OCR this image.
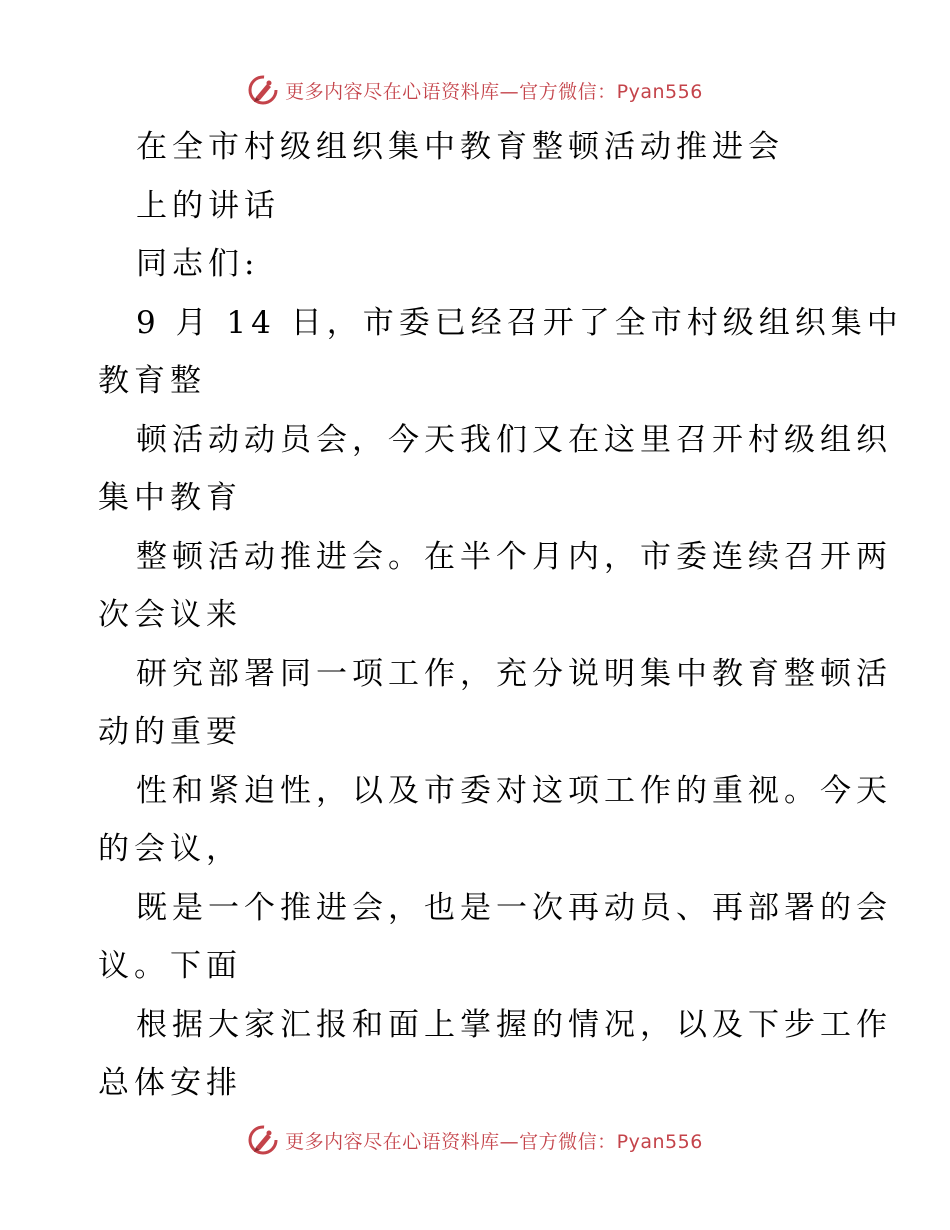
更多内容尽在心语资料库—官方微信：Pyan556
在全市村级组织集中教育整顿活动推进会
上的讲话
同志们:
9 月 14 日，市委已经召开了全市村级组织集中
教育整
顿活动动员会，今天我们又在这里召开村级组织
集中教育
整顿活动推进会。在半个月内，市委连续召开两
次会议来
研究部署同一项工作，充分说明集中教育整顿活
动的重要
性和紧迫性，以及市委对这项工作的重视。今天
的会议，
既是一个推进会，也是一次再动员、再部署的会
议。下面
根据大家汇报和面上掌握的情况，以及下步工作
总体安排
更多内容尽在心语资料库—官方微信：Pyan556
